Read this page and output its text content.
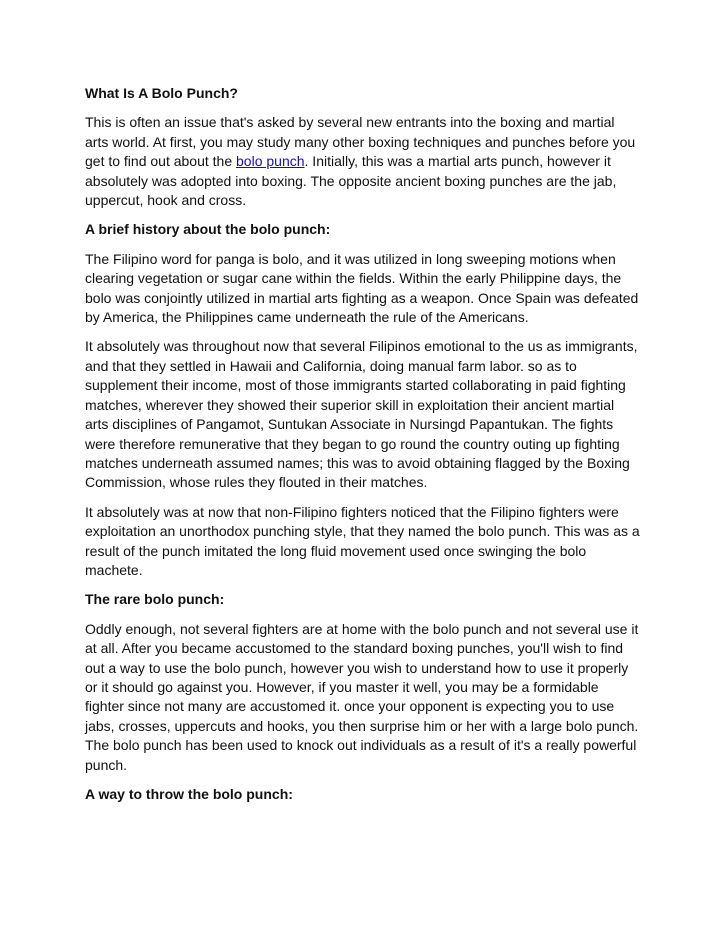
What Is A Bolo Punch?

This is often an issue that's asked by several new entrants into the boxing and martial arts world. At first, you may study many other boxing techniques and punches before you get to find out about the bolo punch. Initially, this was a martial arts punch, however it absolutely was adopted into boxing. The opposite ancient boxing punches are the jab, uppercut, hook and cross.

A brief history about the bolo punch:

The Filipino word for panga is bolo, and it was utilized in long sweeping motions when clearing vegetation or sugar cane within the fields. Within the early Philippine days, the bolo was conjointly utilized in martial arts fighting as a weapon. Once Spain was defeated by America, the Philippines came underneath the rule of the Americans.

It absolutely was throughout now that several Filipinos emotional to the us as immigrants, and that they settled in Hawaii and California, doing manual farm labor. so as to supplement their income, most of those immigrants started collaborating in paid fighting matches, wherever they showed their superior skill in exploitation their ancient martial arts disciplines of Pangamot, Suntukan Associate in Nursingd Papantukan. The fights were therefore remunerative that they began to go round the country outing up fighting matches underneath assumed names; this was to avoid obtaining flagged by the Boxing Commission, whose rules they flouted in their matches.

It absolutely was at now that non-Filipino fighters noticed that the Filipino fighters were exploitation an unorthodox punching style, that they named the bolo punch. This was as a result of the punch imitated the long fluid movement used once swinging the bolo machete.

The rare bolo punch:

Oddly enough, not several fighters are at home with the bolo punch and not several use it at all. After you became accustomed to the standard boxing punches, you'll wish to find out a way to use the bolo punch, however you wish to understand how to use it properly or it should go against you. However, if you master it well, you may be a formidable fighter since not many are accustomed it. once your opponent is expecting you to use jabs, crosses, uppercuts and hooks, you then surprise him or her with a large bolo punch. The bolo punch has been used to knock out individuals as a result of it's a really powerful punch.

A way to throw the bolo punch:
